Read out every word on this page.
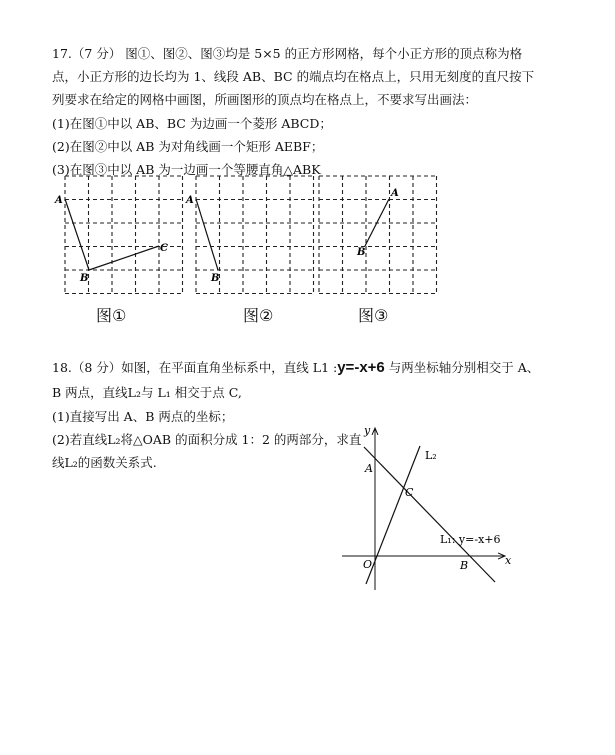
17.（7 分） 图①、图②、图③均是 5×5 的正方形网格，每个小正方形的顶点称为格
点，小正方形的边长均为 1、线段 AB、BC 的端点均在格点上，只用无刻度的直尺按下
列要求在给定的网格中画图，所画图形的顶点均在格点上，不要求写出画法：
(1)在图①中以 AB、BC 为边画一个菱形 ABCD；
(2)在图②中以 AB 为对角线画一个矩形 AEBF；
(3)在图③中以 AB 为一边画一个等腰直角△ABK
A
B
C
A
B
A
B
图①	图②	图③
18.（8 分）如图，在平面直角坐标系中，直线 L1 :y=-x+6 与两坐标轴分别相交于 A、
B 两点，直线L₂与 L₁ 相交于点 C,
(1)直接写出 A、B 两点的坐标；
(2)若直线L₂将△OAB 的面积分成 1：2 的两部分，求直
线L₂的函数关系式.
y
x
O
A
B
C
L₂
L₁: y=-x+6
